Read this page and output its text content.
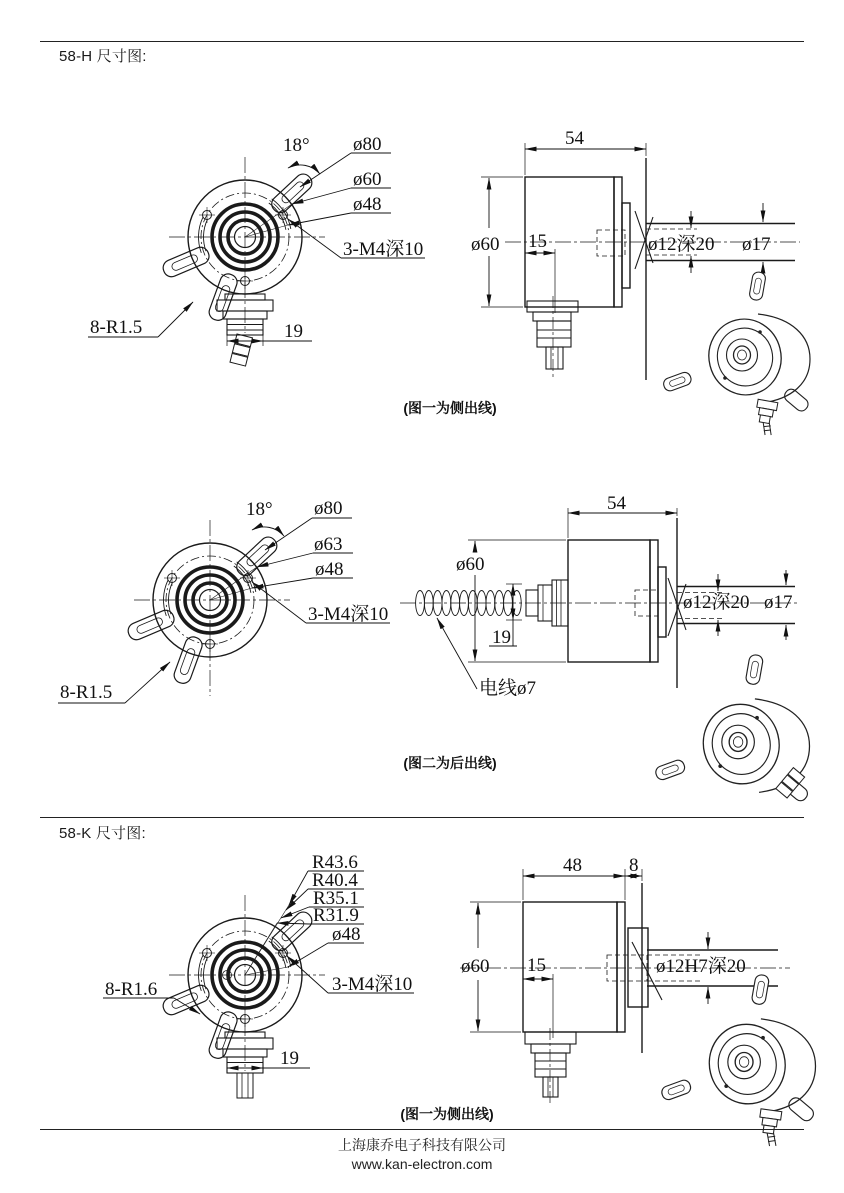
58-H 尺寸图:
58-K 尺寸图:
18° ø80
ø60
ø48
3-M4深10
8-R1.5	19
54
ø60 15	ø12深20 ø17
18° ø80
ø63
ø48
3-M4深10
8-R1.5
54
ø60
19
电线ø7
ø12深20 ø17
R43.6
R40.4
R35.1
R31.9
ø48
3-M4深10
8-R1.6
19
48 8
ø60 15	ø12H7深20
(图一为侧出线)
(图二为后出线)
(图一为侧出线)
上海康乔电子科技有限公司
www.kan-electron.com
